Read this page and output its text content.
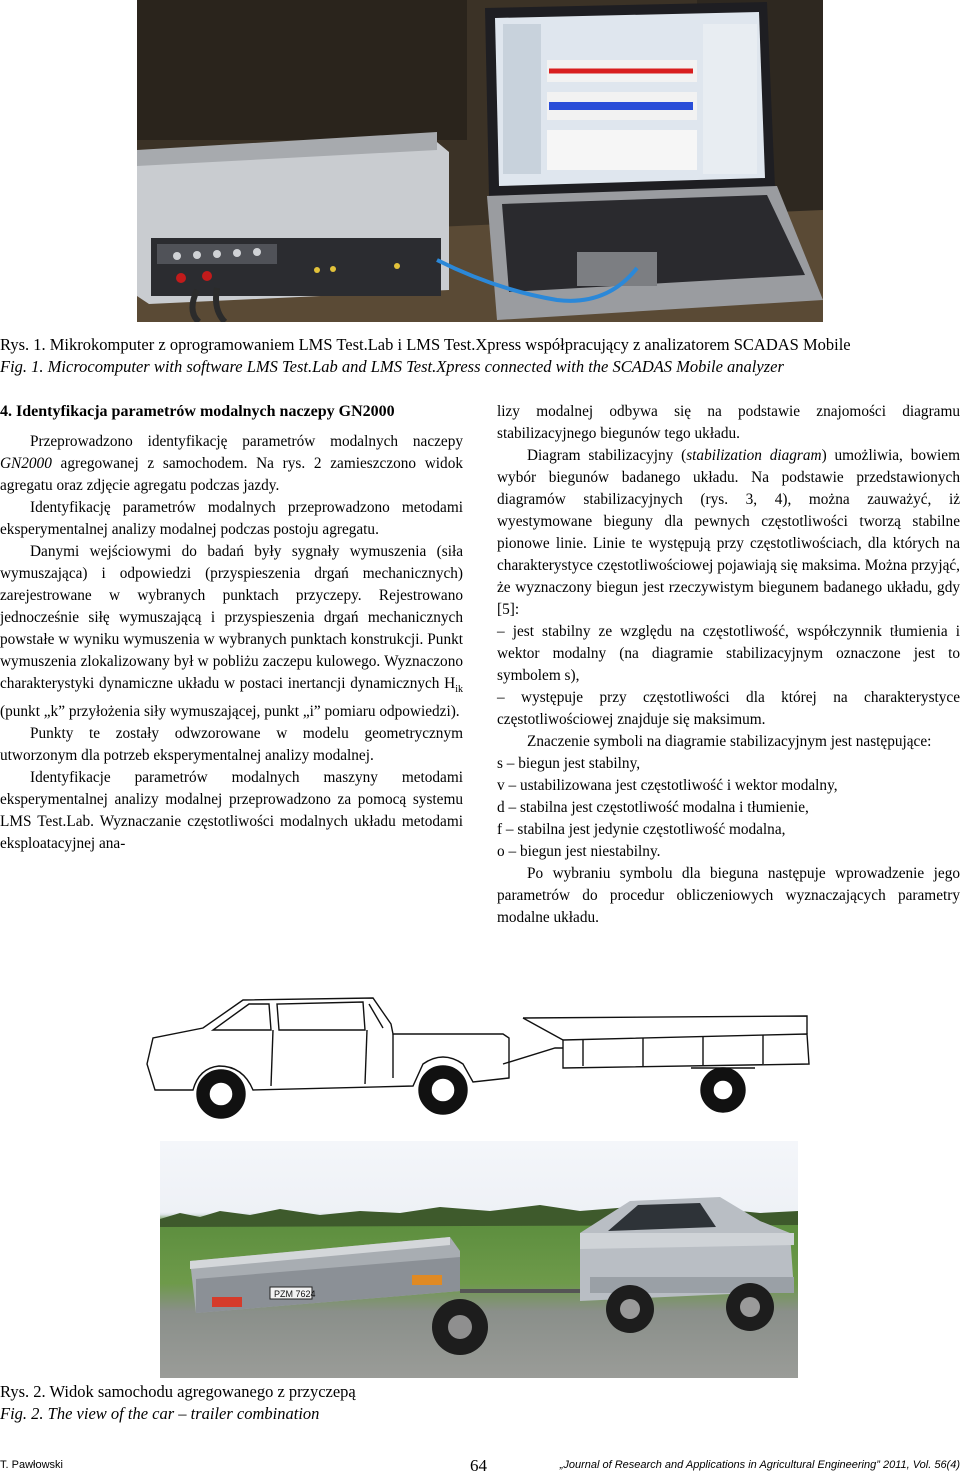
Rys. 1. Mikrokomputer z oprogramowaniem LMS Test.Lab i LMS Test.Xpress współpracujący z analizatorem SCADAS Mobile
Fig. 1. Microcomputer with software LMS Test.Lab and LMS Test.Xpress connected with the SCADAS Mobile analyzer
4. Identyfikacja parametrów modalnych naczepy GN2000

Przeprowadzono identyfikację parametrów modalnych naczepy GN2000 agregowanej z samochodem. Na rys. 2 zamieszczono widok agregatu oraz zdjęcie agregatu podczas jazdy.

Identyfikację parametrów modalnych przeprowadzono metodami eksperymentalnej analizy modalnej podczas postoju agregatu.

Danymi wejściowymi do badań były sygnały wymuszenia (siła wymuszająca) i odpowiedzi (przyspieszenia drgań mechanicznych) zarejestrowane w wybranych punktach przyczepy. Rejestrowano jednocześnie siłę wymuszającą i przyspieszenia drgań mechanicznych powstałe w wyniku wymuszenia w wybranych punktach konstrukcji. Punkt wymuszenia zlokalizowany był w pobliżu zaczepu kulowego. Wyznaczono charakterystyki dynamiczne układu w postaci inertancji dynamicznych $H_{ik}$ (punkt „k” przyłożenia siły wymuszającej, punkt „i” pomiaru odpowiedzi).

Punkty te zostały odwzorowane w modelu geometrycznym utworzonym dla potrzeb eksperymentalnej analizy modalnej.

Identyfikacje parametrów modalnych maszyny metodami eksperymentalnej analizy modalnej przeprowadzono za pomocą systemu LMS Test.Lab. Wyznaczanie częstotliwości modalnych układu metodami eksploatacyjnej ana-

lizy modalnej odbywa się na podstawie znajomości diagramu stabilizacyjnego biegunów tego układu.

Diagram stabilizacyjny (stabilization diagram) umożliwia, bowiem wybór biegunów badanego układu. Na podstawie przedstawionych diagramów stabilizacyjnych (rys. 3, 4), można zauważyć, iż wyestymowane bieguny dla pewnych częstotliwości tworzą stabilne pionowe linie. Linie te występują przy częstotliwościach, dla których na charakterystyce częstotliwościowej pojawiają się maksima. Można przyjąć, że wyznaczony biegun jest rzeczywistym biegunem badanego układu, gdy [5]:

– jest stabilny ze względu na częstotliwość, współczynnik tłumienia i wektor modalny (na diagramie stabilizacyjnym oznaczone jest to symbolem s),

– występuje przy częstotliwości dla której na charakterystyce częstotliwościowej znajduje się maksimum.

Znaczenie symboli na diagramie stabilizacyjnym jest następujące:

s – biegun jest stabilny,

v – ustabilizowana jest częstotliwość i wektor modalny,

d – stabilna jest częstotliwość modalna i tłumienie,

f – stabilna jest jedynie częstotliwość modalna,

o – biegun jest niestabilny.

Po wybraniu symbolu dla bieguna następuje wprowadzenie jego parametrów do procedur obliczeniowych wyznaczających parametry modalne układu.

PZM 7624
Rys. 2. Widok samochodu agregowanego z przyczepą
Fig. 2. The view of the car – trailer combination
T. Pawłowski	64	„Journal of Research and Applications in Agricultural Engineering” 2011, Vol. 56(4)
